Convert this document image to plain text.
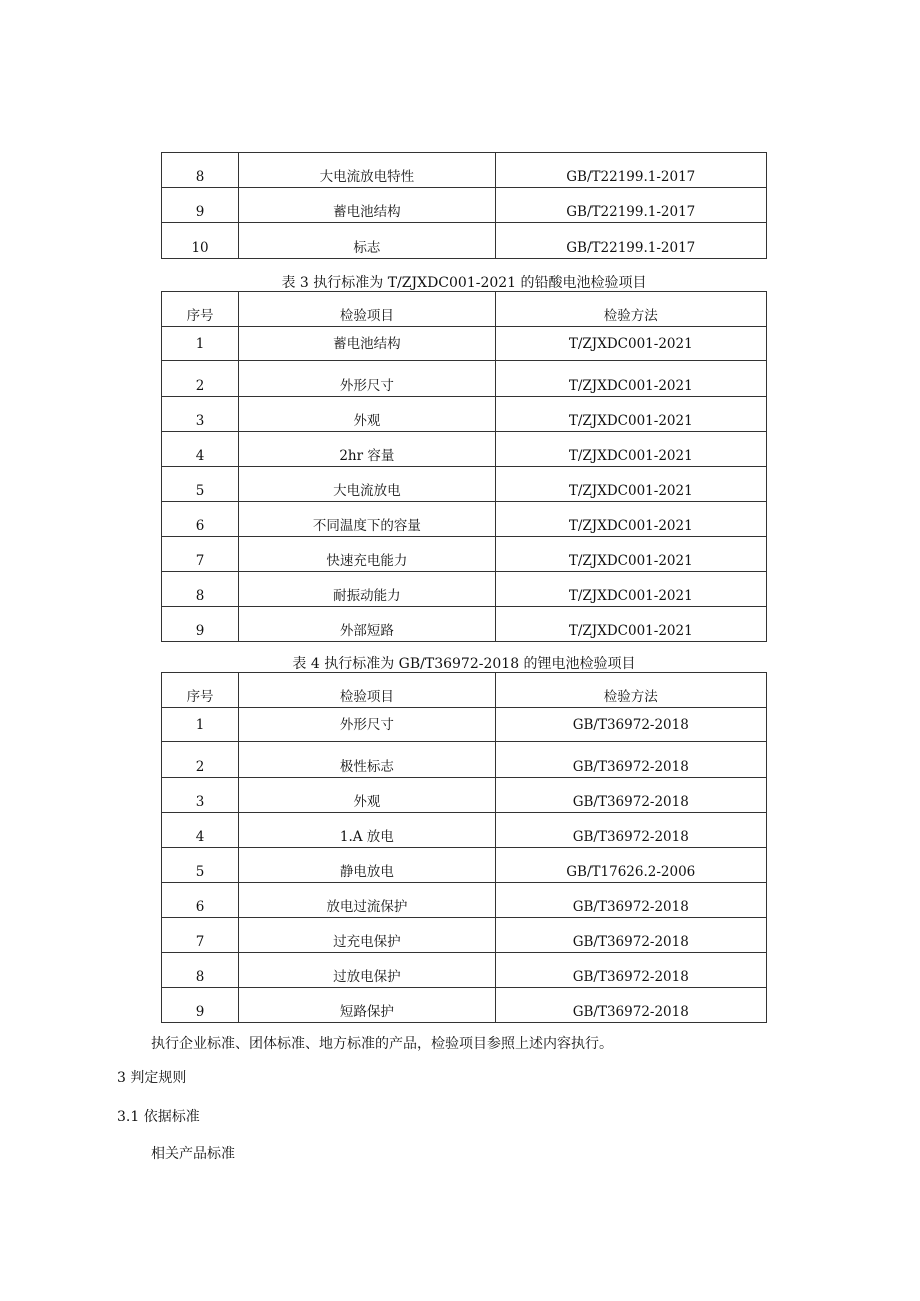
8	大电流放电特性	GB/T22199.1-2017
9	蓄电池结构	GB/T22199.1-2017
10	标志	GB/T22199.1-2017
表 3 执行标准为 T/ZJXDC001-2021 的铅酸电池检验项目
序号	检验项目	检验方法
1	蓄电池结构	T/ZJXDC001-2021
2	外形尺寸	T/ZJXDC001-2021
3	外观	T/ZJXDC001-2021
4	2hr 容量	T/ZJXDC001-2021
5	大电流放电	T/ZJXDC001-2021
6	不同温度下的容量	T/ZJXDC001-2021
7	快速充电能力	T/ZJXDC001-2021
8	耐振动能力	T/ZJXDC001-2021
9	外部短路	T/ZJXDC001-2021
表 4 执行标准为 GB/T36972-2018 的锂电池检验项目
序号	检验项目	检验方法
1	外形尺寸	GB/T36972-2018
2	极性标志	GB/T36972-2018
3	外观	GB/T36972-2018
4	1.A 放电	GB/T36972-2018
5	静电放电	GB/T17626.2-2006
6	放电过流保护	GB/T36972-2018
7	过充电保护	GB/T36972-2018
8	过放电保护	GB/T36972-2018
9	短路保护	GB/T36972-2018
执行企业标准、团体标准、地方标准的产品，检验项目参照上述内容执行。
3 判定规则
3.1 依据标准
相关产品标准
